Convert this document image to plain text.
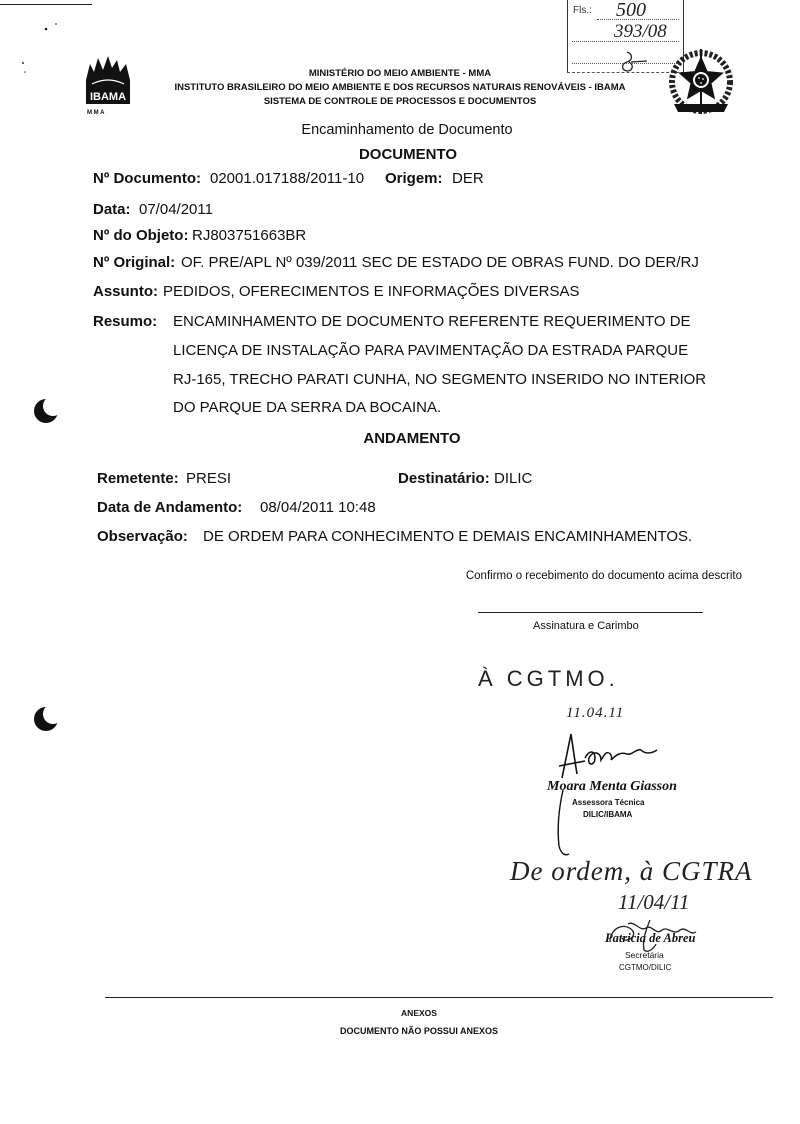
Fls.: 500
393/08
IBAMA
M M A
MINISTÉRIO DO MEIO AMBIENTE - MMA
INSTITUTO BRASILEIRO DO MEIO AMBIENTE E DOS RECURSOS NATURAIS RENOVÁVEIS - IBAMA
SISTEMA DE CONTROLE DE PROCESSOS E DOCUMENTOS
Encaminhamento de Documento
DOCUMENTO
Nº Documento: 02001.017188/2011-10 Origem: DER
Data: 07/04/2011
Nº do Objeto: RJ803751663BR
Nº Original: OF. PRE/APL Nº 039/2011 SEC DE ESTADO DE OBRAS FUND. DO DER/RJ
Assunto: PEDIDOS, OFERECIMENTOS E INFORMAÇÕES DIVERSAS
Resumo: ENCAMINHAMENTO DE DOCUMENTO REFERENTE REQUERIMENTO DE
LICENÇA DE INSTALAÇÃO PARA PAVIMENTAÇÃO DA ESTRADA PARQUE
RJ-165, TRECHO PARATI CUNHA, NO SEGMENTO INSERIDO NO INTERIOR
DO PARQUE DA SERRA DA BOCAINA.
ANDAMENTO
Remetente: PRESI	Destinatário: DILIC
Data de Andamento: 08/04/2011 10:48
Observação: DE ORDEM PARA CONHECIMENTO E DEMAIS ENCAMINHAMENTOS.
Confirmo o recebimento do documento acima descrito
Assinatura e Carimbo
À CGTMO.
11.04.11
Moara Menta Giasson
Assessora Técnica
DILIC/IBAMA
De ordem, à CGTRA
11/04/11
Patricia de Abreu
Secretária
CGTMO/DILIC
ANEXOS
DOCUMENTO NÃO POSSUI ANEXOS
